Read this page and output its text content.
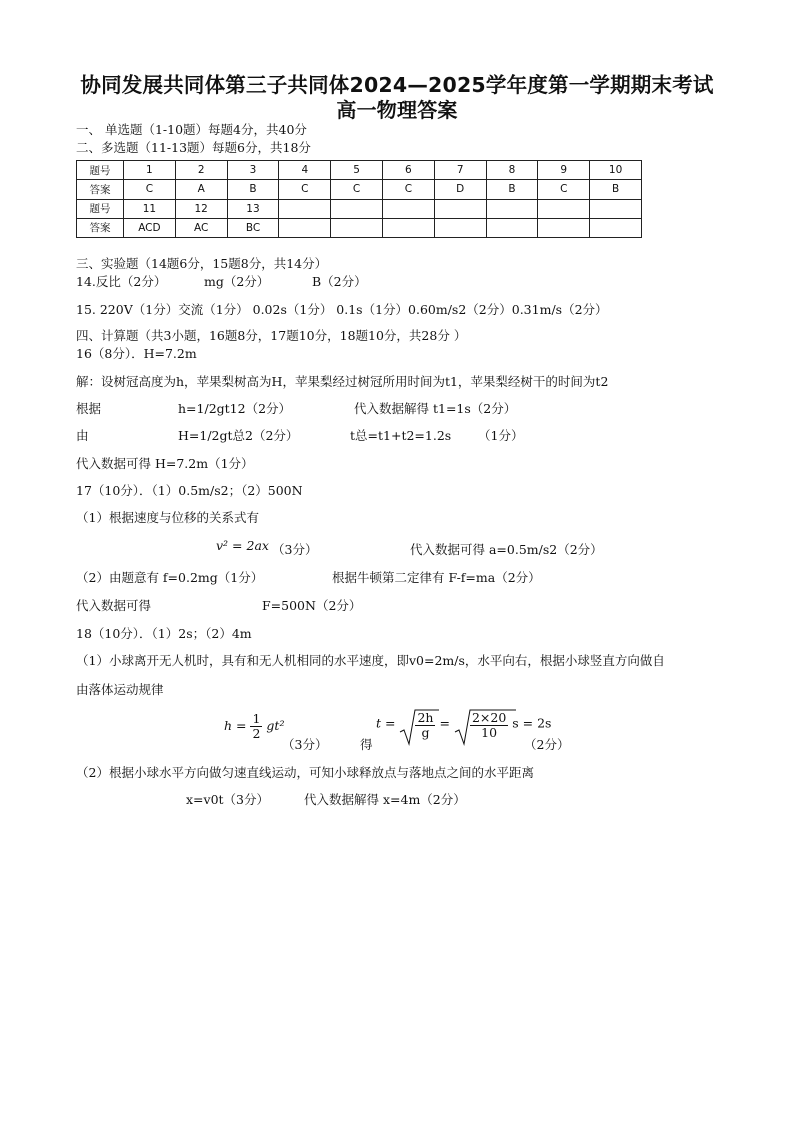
协同发展共同体第三子共同体2024—2025学年度第一学期期末考试
高一物理答案
一、 单选题（1-10题）每题4分，共40分
二、多选题（11-13题）每题6分，共18分
题号	1	2	3	4	5	6	7	8	9	10
答案	C	A	B	C	C	C	D	B	C	B
题号	11	12	13							
答案	ACD	AC	BC							
三、实验题（14题6分，15题8分，共14分）
14.反比（2分）	mg（2分）	B（2分）
15. 220V（1分）交流（1分） 0.02s（1分） 0.1s（1分）0.60m/s2（2分）0.31m/s（2分）
四、计算题（共3小题，16题8分，17题10分，18题10分，共28分 ）
16（8分）．H=7.2m
解：设树冠高度为h，苹果梨树高为H，苹果梨经过树冠所用时间为t1，苹果梨经树干的时间为t2
根据	h=1/2gt12（2分）	代入数据解得 t1=1s（2分）
由	H=1/2gt总2（2分）	t总=t1+t2=1.2s （1分）
代入数据可得 H=7.2m（1分）
17（10分）．（1）0.5m/s2；（2）500N
（1）根据速度与位移的关系式有
v² = 2ax （3分）	代入数据可得 a=0.5m/s2（2分）
（2）由题意有 f=0.2mg（1分）	根据牛顿第二定律有 F-f=ma（2分）
代入数据可得	F=500N（2分）
18（10分）．（1）2s；（2）4m
（1）小球离开无人机时，具有和无人机相同的水平速度，即v0=2m/s，水平向右，根据小球竖直方向做自
由落体运动规律
$h = \frac{1}{2} gt^2$
（3分）	得
$t = \frac{2h}{g} = \frac{2\times 20}{10}$ s = 2s
（2分）
（2）根据小球水平方向做匀速直线运动，可知小球释放点与落地点之间的水平距离
x=v0t（3分）	代入数据解得 x=4m（2分）
